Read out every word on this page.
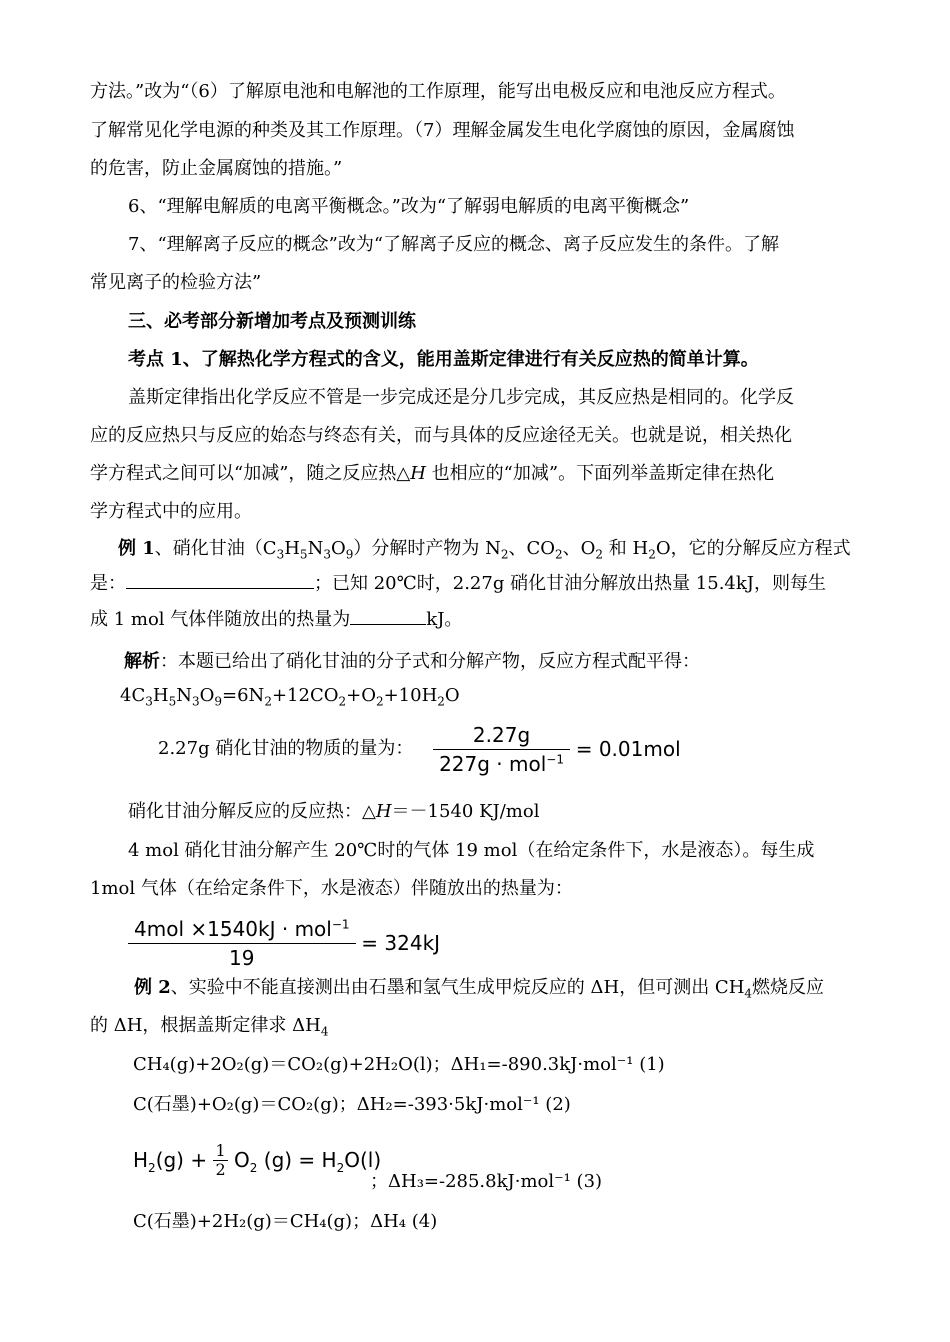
方法。”改为“（6）了解原电池和电解池的工作原理，能写出电极反应和电池反应方程式。
了解常见化学电源的种类及其工作原理。（7）理解金属发生电化学腐蚀的原因，金属腐蚀
的危害，防止金属腐蚀的措施。”
6、“理解电解质的电离平衡概念。”改为“了解弱电解质的电离平衡概念”
7、“理解离子反应的概念”改为“了解离子反应的概念、离子反应发生的条件。了解
常见离子的检验方法”
三、必考部分新增加考点及预测训练
考点 1、了解热化学方程式的含义，能用盖斯定律进行有关反应热的简单计算。
盖斯定律指出化学反应不管是一步完成还是分几步完成，其反应热是相同的。化学反
应的反应热只与反应的始态与终态有关，而与具体的反应途径无关。也就是说，相关热化
学方程式之间可以“加减”，随之反应热△H 也相应的“加减”。下面列举盖斯定律在热化
学方程式中的应用。
例 1、硝化甘油$(C_3H_5N_3O_9)$分解时产物为 $N_2$、$CO_2$、$O_2$ 和 $H_2O$，它的分解反应方程式
是：	；已知 20℃时，2.27g 硝化甘油分解放出热量 15.4kJ，则每生
成 1 mol 气体伴随放出的热量为	kJ。
解析：本题已给出了硝化甘油的分子式和分解产物，反应方程式配平得：
$4C_3H_5N_3O_9=6N_2+12CO_2+O_2+10H_2O$
2.27g 硝化甘油的物质的量为： $\frac{2.27g}{227g \cdot mol^{-1}} = 0.01mol$
硝化甘油分解反应的反应热：△H＝－1540 KJ/mol
4 mol 硝化甘油分解产生 20℃时的气体 19 mol（在给定条件下，水是液态）。每生成
1mol 气体（在给定条件下，水是液态）伴随放出的热量为：
$\frac{4mol \times 1540kJ \cdot mol^{-1}}{19} = 324kJ$
例 2、实验中不能直接测出由石墨和氢气生成甲烷反应的 ΔH，但可测出 $CH_4$燃烧反应
的 ΔH，根据盖斯定律求 $\Delta H_4$
CH₄(g)+2O₂(g)＝CO₂(g)+2H₂O(l)；ΔH₁=-890.3kJ·mol⁻¹ (1)
C(石墨)+O₂(g)＝CO₂(g)；ΔH₂=-393·5kJ·mol⁻¹ (2)
$H_2(g) + \frac{1}{2} O_2$ $(g) = H_2O(l)$
；ΔH₃=-285.8kJ·mol⁻¹ (3)
C(石墨)+2H₂(g)＝CH₄(g)；ΔH₄ (4)
